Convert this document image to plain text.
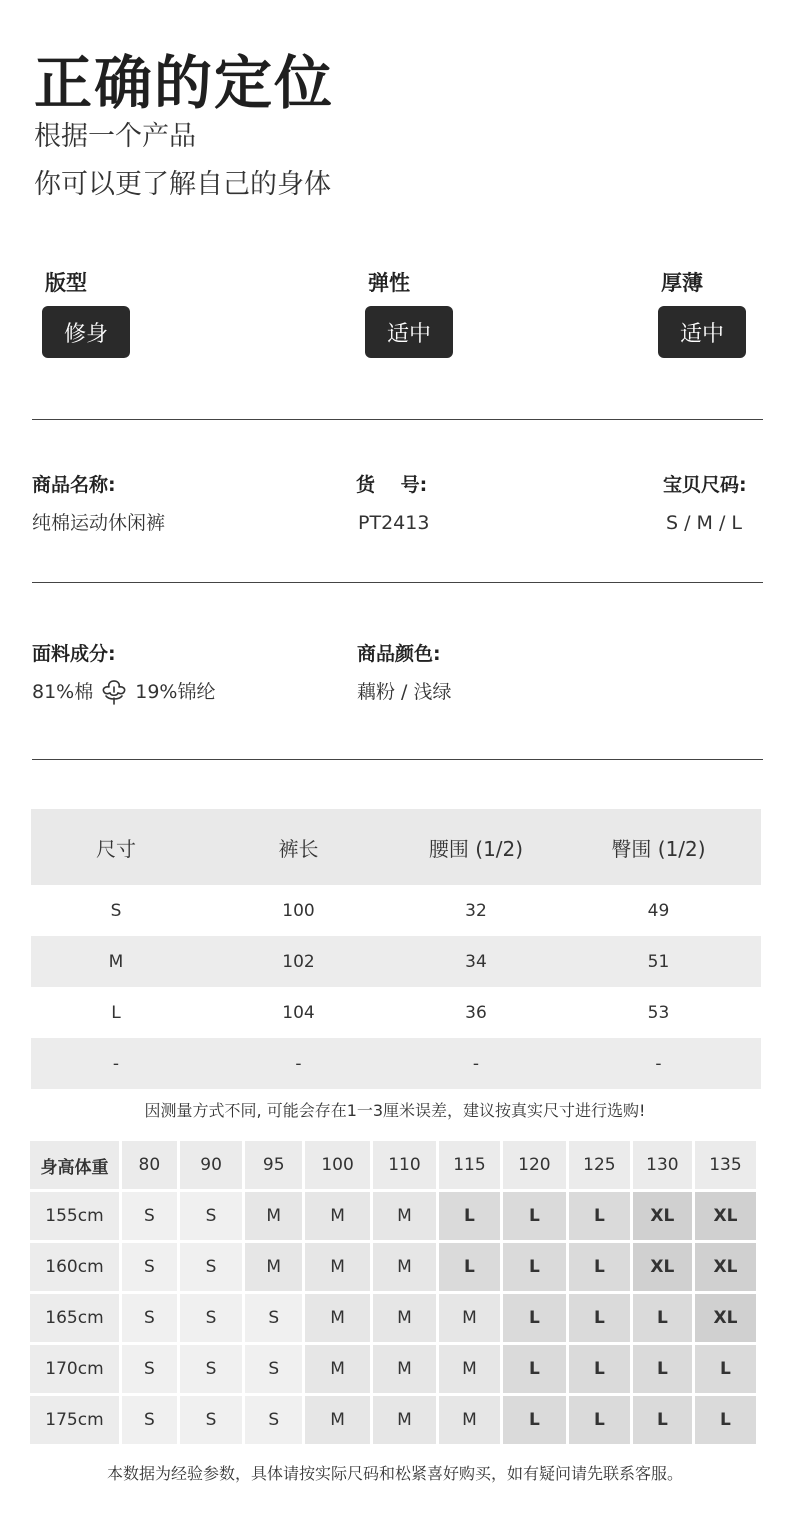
正确的定位
根据一个产品
你可以更了解自己的身体
版型
修身
弹性
适中
厚薄
适中
商品名称:
纯棉运动休闲裤
货　 号:
PT2413
宝贝尺码:
S / M / L
面料成分:
81%棉 19%锦纶
商品颜色:
藕粉 / 浅绿
尺寸	裤长	腰围 (1/2)	臀围 (1/2)
S	100	32	49
M	102	34	51
L	104	36	53
-	-	-	-
因测量方式不同, 可能会存在1一3厘米误差，建议按真实尺寸进行选购!
身高体重	80	90	95	100	110	115	120	125	130	135
155cm	S	S	M	M	M	L	L	L	XL	XL
160cm	S	S	M	M	M	L	L	L	XL	XL
165cm	S	S	S	M	M	M	L	L	L	XL
170cm	S	S	S	M	M	M	L	L	L	L
175cm	S	S	S	M	M	M	L	L	L	L
本数据为经验参数，具体请按实际尺码和松紧喜好购买，如有疑问请先联系客服。
